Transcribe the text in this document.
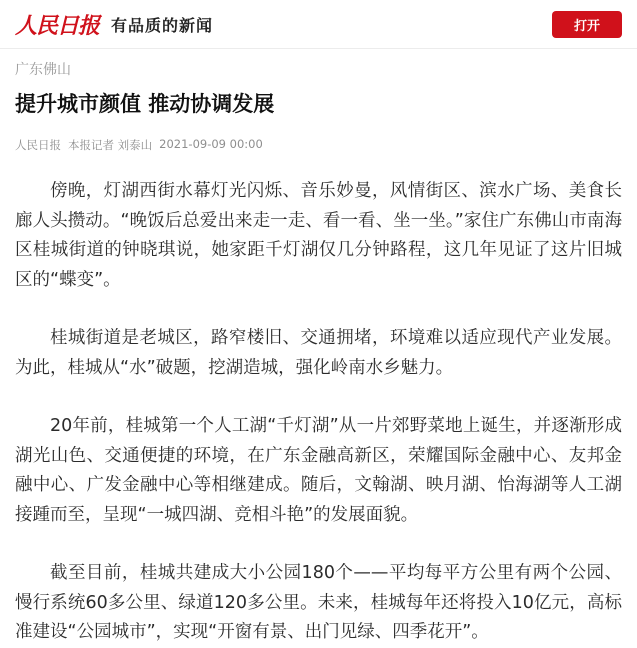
人民日报 有品质的新闻	打开
广东佛山
提升城市颜值 推动协调发展
人民日报 本报记者 刘泰山 2021-09-09 00:00

傍晚，灯湖西街水幕灯光闪烁、音乐妙曼，风情街区、滨水广场、美食长廊人头攒动。“晚饭后总爱出来走一走、看一看、坐一坐。”家住广东佛山市南海区桂城街道的钟晓琪说，她家距千灯湖仅几分钟路程，这几年见证了这片旧城区的“蝶变”。

桂城街道是老城区，路窄楼旧、交通拥堵，环境难以适应现代产业发展。为此，桂城从“水”破题，挖湖造城，强化岭南水乡魅力。

20年前，桂城第一个人工湖“千灯湖”从一片郊野菜地上诞生，并逐渐形成湖光山色、交通便捷的环境，在广东金融高新区，荣耀国际金融中心、友邦金融中心、广发金融中心等相继建成。随后，文翰湖、映月湖、怡海湖等人工湖接踵而至，呈现“一城四湖、竞相斗艳”的发展面貌。

截至目前，桂城共建成大小公园180个——平均每平方公里有两个公园、慢行系统60多公里、绿道120多公里。未来，桂城每年还将投入10亿元，高标准建设“公园城市”，实现“开窗有景、出门见绿、四季花开”。
